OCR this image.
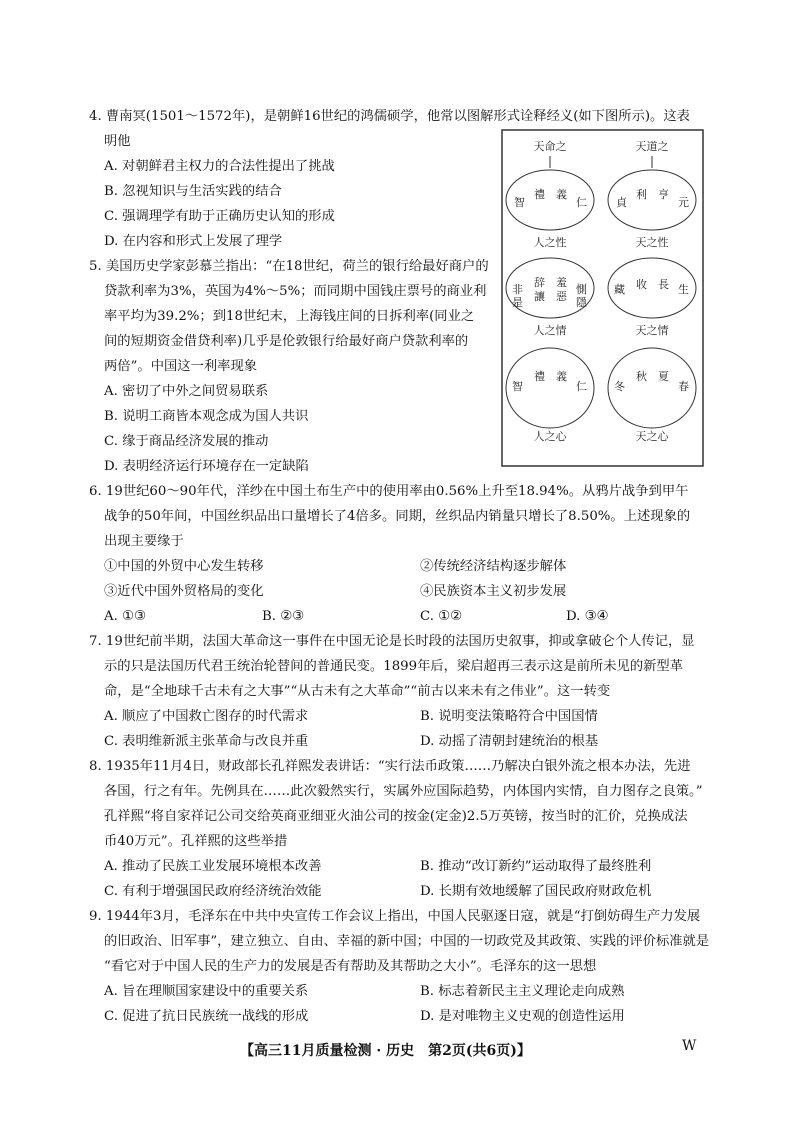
4. 曹南冥(1501～1572年)，是朝鲜16世纪的鸿儒硕学，他常以图解形式诠释经义(如下图所示)。这表
明他
A. 对朝鲜君主权力的合法性提出了挑战
B. 忽视知识与生活实践的结合
C. 强调理学有助于正确历史认知的形成
D. 在内容和形式上发展了理学
天命之
智
禮 義
仁
人之性
非
辞 羞
惻
是 讓 惡 隱
人之情
智
禮 義
仁
人之心
天道之
貞
利 亨
元
天之性
藏 收 長 生
天之情
冬
秋 夏
春
天之心
5. 美国历史学家彭慕兰指出：“在18世纪，荷兰的银行给最好商户的
贷款利率为3%，英国为4%～5%；而同期中国钱庄票号的商业利
率平均为39.2%；到18世纪末，上海钱庄间的日拆利率(同业之
间的短期资金借贷利率)几乎是伦敦银行给最好商户贷款利率的
两倍”。中国这一利率现象
A. 密切了中外之间贸易联系
B. 说明工商皆本观念成为国人共识
C. 缘于商品经济发展的推动
D. 表明经济运行环境存在一定缺陷
6. 19世纪60～90年代，洋纱在中国土布生产中的使用率由0.56%上升至18.94%。从鸦片战争到甲午
战争的50年间，中国丝织品出口量增长了4倍多。同期，丝织品内销量只增长了8.50%。上述现象的
出现主要缘于
①中国的外贸中心发生转移	②传统经济结构逐步解体
③近代中国外贸格局的变化	④民族资本主义初步发展
A. ①③	B. ②③	C. ①②	D. ③④
7. 19世纪前半期，法国大革命这一事件在中国无论是长时段的法国历史叙事，抑或拿破仑个人传记，显
示的只是法国历代君王统治轮替间的普通民变。1899年后，梁启超再三表示这是前所未见的新型革
命，是“全地球千古未有之大事”“从古未有之大革命”“前古以来未有之伟业”。这一转变
A. 顺应了中国救亡图存的时代需求	B. 说明变法策略符合中国国情
C. 表明维新派主张革命与改良并重	D. 动摇了清朝封建统治的根基
8. 1935年11月4日，财政部长孔祥熙发表讲话：“实行法币政策……乃解决白银外流之根本办法，先进
各国，行之有年。先例具在……此次毅然实行，实属外应国际趋势，内体国内实情，自力图存之良策。”
孔祥熙“将自家祥记公司交给英商亚细亚火油公司的按金(定金)2.5万英镑，按当时的汇价，兑换成法
币40万元”。孔祥熙的这些举措
A. 推动了民族工业发展环境根本改善	B. 推动“改订新约”运动取得了最终胜利
C. 有利于增强国民政府经济统治效能	D. 长期有效地缓解了国民政府财政危机
9. 1944年3月，毛泽东在中共中央宣传工作会议上指出，中国人民驱逐日寇，就是“打倒妨碍生产力发展
的旧政治、旧军事”，建立独立、自由、幸福的新中国；中国的一切政党及其政策、实践的评价标准就是
“看它对于中国人民的生产力的发展是否有帮助及其帮助之大小”。毛泽东的这一思想
A. 旨在理顺国家建设中的重要关系	B. 标志着新民主主义理论走向成熟
C. 促进了抗日民族统一战线的形成	D. 是对唯物主义史观的创造性运用
【高三11月质量检测 · 历史　第2页(共6页)】	W
